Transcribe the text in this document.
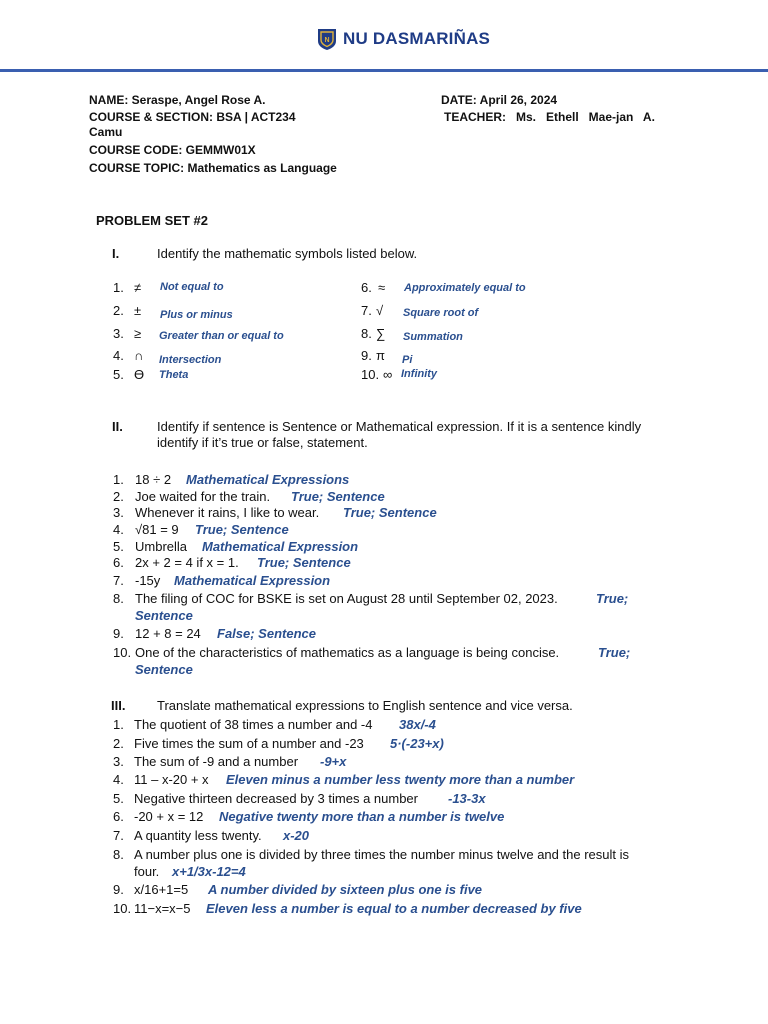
N NU DASMARIÑAS
NAME: Seraspe, Angel Rose A.
COURSE & SECTION: BSA | ACT234
Camu
COURSE CODE: GEMMW01X
COURSE TOPIC: Mathematics as Language
DATE: April 26, 2024
TEACHER:   Ms.   Ethell   Mae-jan   A.
PROBLEM SET #2
I.	Identify the mathematic symbols listed below.
1. ≠ Not equal to
2. ± Plus or minus
3. ≥ Greater than or equal to
4. ∩ Intersection
5. ϴ Theta
6. ≈ Approximately equal to
7. √ Square root of
8. ∑ Summation
9. π Pi
10. ∞ Infinity
II.	Identify if sentence is Sentence or Mathematical expression. If it is a sentence kindly
identify if it’s true or false, statement.
1. 18 ÷ 2 Mathematical Expressions
2. Joe waited for the train. True; Sentence
3. Whenever it rains, I like to wear. True; Sentence
4. √81 = 9 True; Sentence
5. Umbrella Mathematical Expression
6. 2x + 2 = 4 if x = 1. True; Sentence
7. -15y Mathematical Expression
8. The filing of COC for BSKE is set on August 28 until September 02, 2023.	True;
Sentence
9. 12 + 8 = 24 False; Sentence
10. One of the characteristics of mathematics as a language is being concise.	True;
Sentence
III. Translate mathematical expressions to English sentence and vice versa.
1. The quotient of 38 times a number and -4 38x/-4
2. Five times the sum of a number and -23 5·(-23+x)
3. The sum of -9 and a number -9+x
4. 11 – x-20 + x Eleven minus a number less twenty more than a number
5. Negative thirteen decreased by 3 times a number -13-3x
6. -20 + x = 12 Negative twenty more than a number is twelve
7. A quantity less twenty. x-20
8. A number plus one is divided by three times the number minus twelve and the result is
four. x+1/3x-12=4
9. x/16+1=5 A number divided by sixteen plus one is five
10. 11−x=x−5 Eleven less a number is equal to a number decreased by five
